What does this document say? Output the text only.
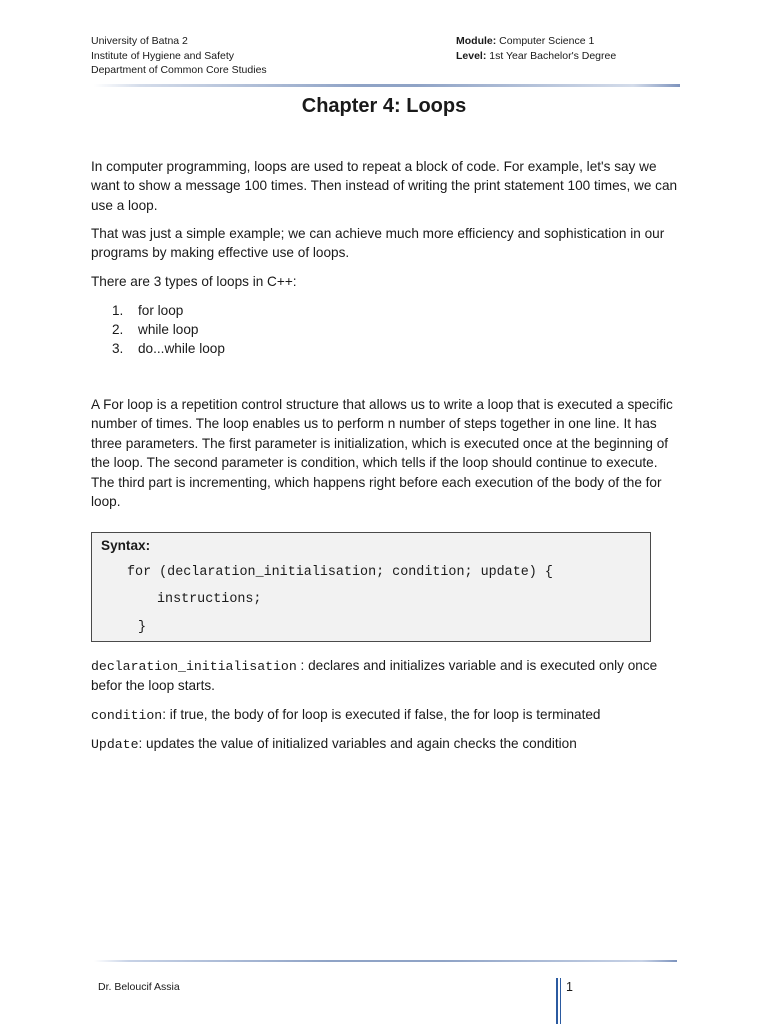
University of Batna 2
Institute of Hygiene and Safety
Department of Common Core Studies
Module: Computer Science 1
Level: 1st Year Bachelor's Degree
Chapter 4: Loops

In computer programming, loops are used to repeat a block of code. For example, let's say we want to show a message 100 times. Then instead of writing the print statement 100 times, we can use a loop.

That was just a simple example; we can achieve much more efficiency and sophistication in our programs by making effective use of loops.

There are 3 types of loops in C++:

1. for loop
2. while loop
3. do...while loop

A For loop is a repetition control structure that allows us to write a loop that is executed a specific number of times. The loop enables us to perform n number of steps together in one line. It has three parameters. The first parameter is initialization, which is executed once at the beginning of the loop. The second parameter is condition, which tells if the loop should continue to execute. The third part is incrementing, which happens right before each execution of the body of the for loop.

Syntax:
for (declaration_initialisation; condition; update) {
instructions;
}
declaration_initialisation : declares and initializes variable and is executed only once befor the loop starts.
condition: if true, the body of for loop is executed if false, the for loop is terminated
Update: updates the value of initialized variables and again checks the condition
Dr. Beloucif Assia	1
